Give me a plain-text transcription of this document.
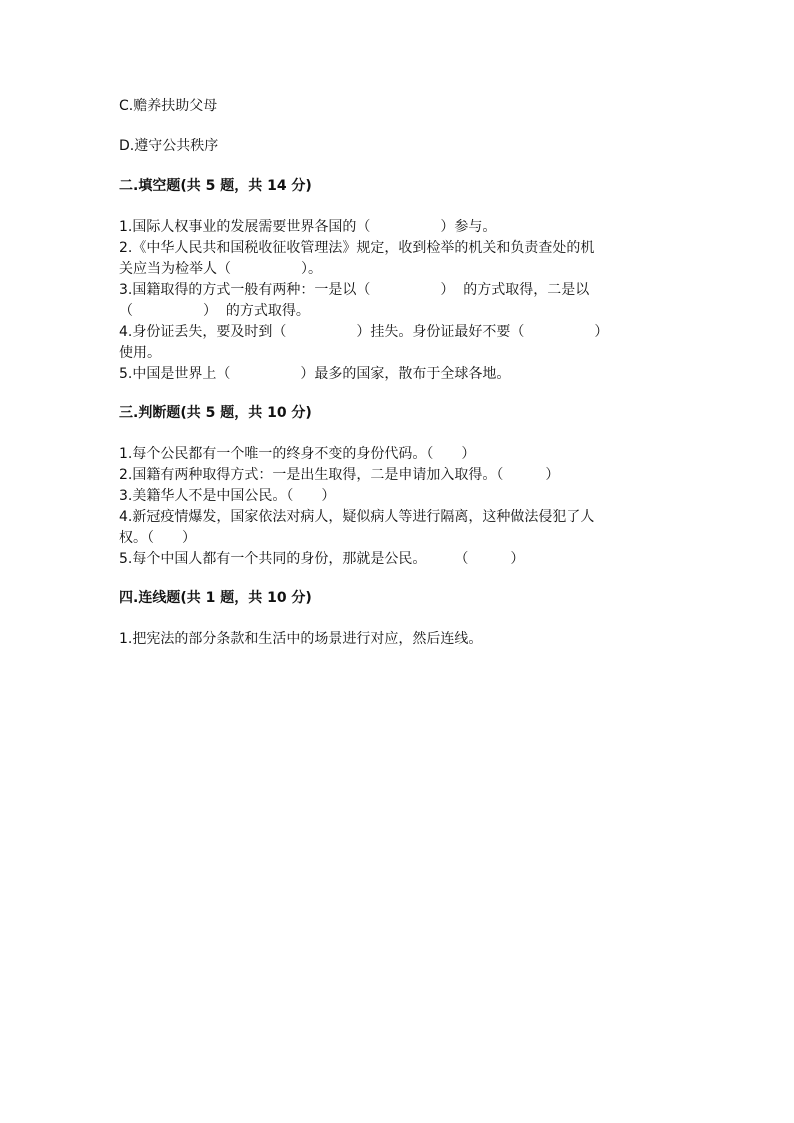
C.赡养扶助父母

D.遵守公共秩序

二.填空题(共 5 题，共 14 分)

1.国际人权事业的发展需要世界各国的（　　　　　）参与。

2.《中华人民共和国税收征收管理法》规定，收到检举的机关和负责查处的机

关应当为检举人（　　　　　）。

3.国籍取得的方式一般有两种：一是以（　　　　　）  的方式取得，二是以

（　　　　　）  的方式取得。

4.身份证丢失，要及时到（　　　　　）挂失。身份证最好不要（　　　　　）

使用。

5.中国是世界上（　　　　　）最多的国家，散布于全球各地。

三.判断题(共 5 题，共 10 分)

1.每个公民都有一个唯一的终身不变的身份代码。（　　）

2.国籍有两种取得方式：一是出生取得，二是申请加入取得。（　　　）

3.美籍华人不是中国公民。（　　）

4.新冠疫情爆发，国家依法对病人，疑似病人等进行隔离，这种做法侵犯了人

权。（　　）

5.每个中国人都有一个共同的身份，那就是公民。　　　（　　　）

四.连线题(共 1 题，共 10 分)

1.把宪法的部分条款和生活中的场景进行对应，然后连线。
